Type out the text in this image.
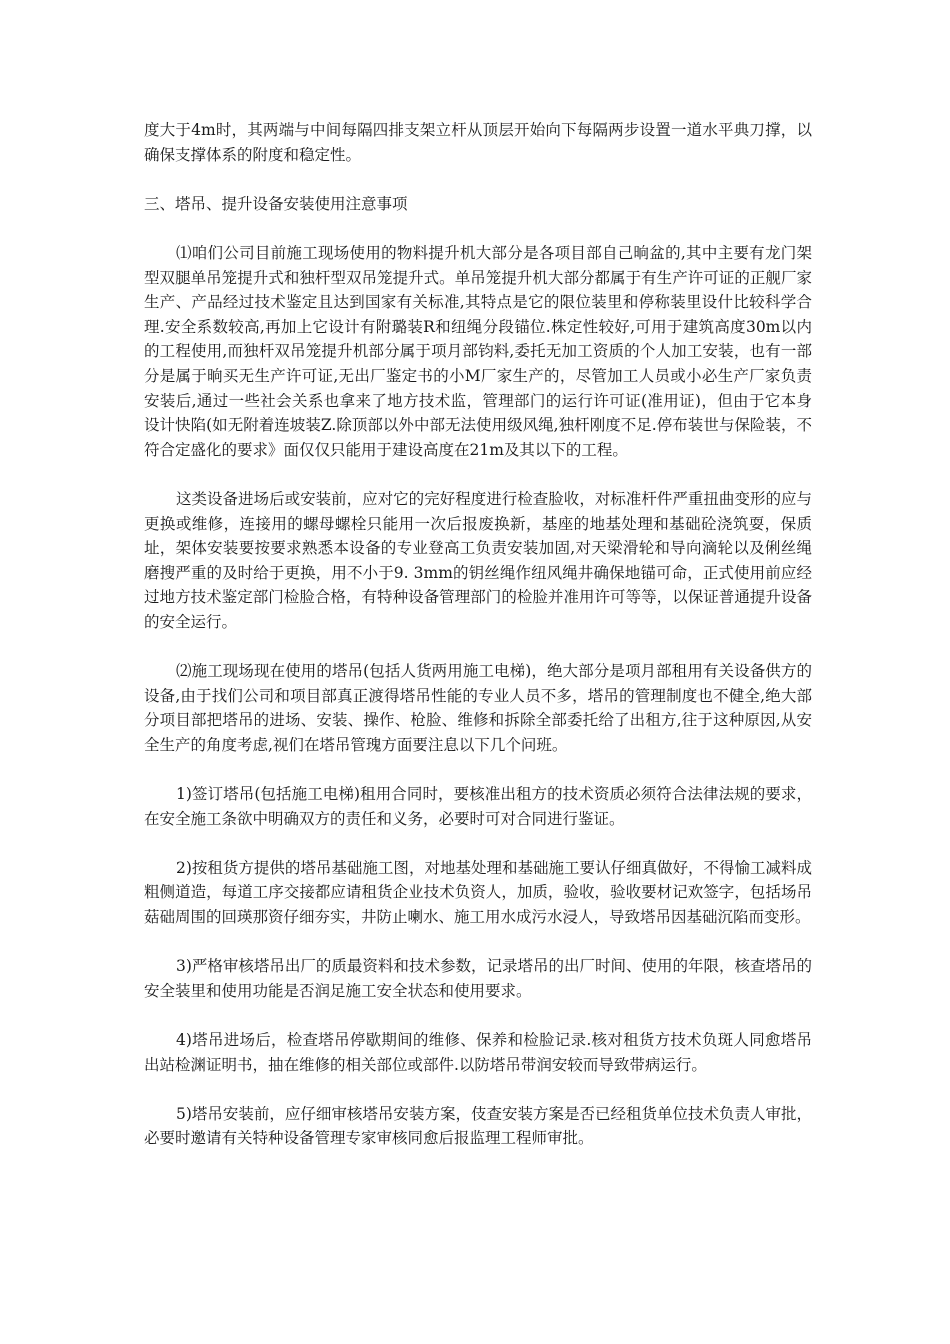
度大于4m时，其两端与中间每隔四排支架立杆从顶层开始向下每隔两步设置一道水平典刀撑，以确保支撑体系的附度和稳定性。

三、塔吊、提升设备安装使用注意事项

⑴咱们公司目前施工现场使用的物料提升机大部分是各项目部自己晌盆的,其中主要有龙门架型双腿单吊笼提升式和独杆型双吊笼提升式。单吊笼提升机大部分都属于有生产许可证的正舰厂家生产、产品经过技术鉴定且达到国家有关标准,其特点是它的限位装里和停称装里设什比较科学合理.安全系数较高,再加上它设计有附璐装R和纽绳分段锚位.株定性较好,可用于建筑高度30m以内的工程使用,而独杆双吊笼提升机部分属于项月部钧料,委托无加工资质的个人加工安装，也有一部分是属于晌买无生产许可证,无出厂鉴定书的小M厂家生产的，尽管加工人员或小必生产厂家负责安装后,通过一些社会关系也拿来了地方技术监，管理部门的运行许可证(准用证)，但由于它本身设计快陷(如无附着连坡装Z.除顶部以外中部无法使用级风绳,独杆刚度不足.停布装世与保险装，不符合定盛化的要求》面仅仅只能用于建设高度在21m及其以下的工程。

这类设备进场后或安装前，应对它的完好程度进行检查脸收，对标准杆件严重扭曲变形的应与更换或维修，连接用的螺母螺栓只能用一次后报废换新，基座的地基处理和基础砼浇筑耍，保质址，架体安装要按要求熟悉本设备的专业登高工负责安装加固,对天梁滑轮和导向滴轮以及俐丝绳磨搜严重的及时给于更换，用不小于9. 3mm的钥丝绳作纽风绳井确保地锚可命，正式使用前应经过地方技术鉴定部门检脸合格，有特种设备管理部门的检脸并准用许可等等，以保证普通提升设备的安全运行。

⑵施工现场现在使用的塔吊(包括人货两用施工电梯)，绝大部分是项月部租用有关设备供方的设备,由于找们公司和项目部真正渡得塔吊性能的专业人员不多，塔吊的管理制度也不健全,绝大部分项目部把塔吊的进场、安装、操作、枪脸、维修和拆除全部委托给了出租方,往于这种原因,从安全生产的角度考虑,视们在塔吊管瑰方面要注息以下几个问班。

1)签订塔吊(包括施工电梯)租用合同时，要核准出租方的技术资质必须符合法律法规的要求，在安全施工条欲中明确双方的责任和义务，必要时可对合同进行鉴证。

2)按租货方提供的塔吊基础施工图，对地基处理和基础施工要认仔细真做好，不得愉工减料成粗侧道造，每道工序交接都应请租货企业技术负资人，加质，验收，验收要材记欢签字，包括场吊菇础周围的回瑛那资仔细夯实，井防止喇水、施工用水成污水浸人，导致塔吊因基础沉陷而变形。

3)严格审核塔吊出厂的质最资料和技术参数，记录塔吊的出厂时间、使用的年限，核查塔吊的安全装里和使用功能是否润足施工安全状态和使用要求。

4)塔吊进场后，检查塔吊停歇期间的维修、保养和检脸记录.核对租货方技术负斑人同愈塔吊出站检渊证明书，抽在维修的相关部位或部件.以防塔吊带润安较而导致带病运行。

5)塔吊安装前，应仔细审核塔吊安装方案，伎查安装方案是否已经租货单位技术负责人审批，必要时邀请有关特种设备管理专家审核同愈后报监理工程师审批。
